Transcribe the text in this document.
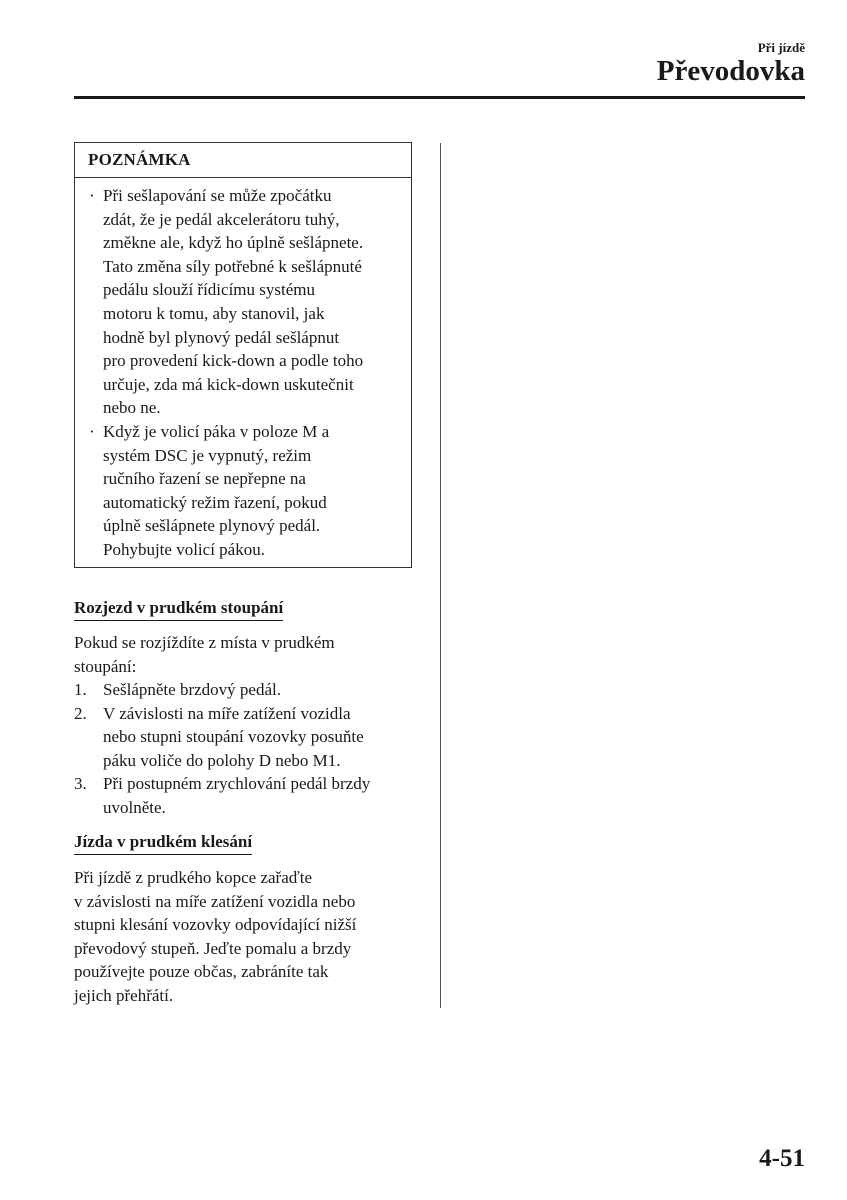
Při jízdě
Převodovka
POZNÁMKA
· Při sešlapování se může zpočátku
zdát, že je pedál akcelerátoru tuhý,
změkne ale, když ho úplně sešlápnete.
Tato změna síly potřebné k sešlápnuté
pedálu slouží řídicímu systému
motoru k tomu, aby stanovil, jak
hodně byl plynový pedál sešlápnut
pro provedení kick-down a podle toho
určuje, zda má kick-down uskutečnit
nebo ne.
· Když je volicí páka v poloze M a
systém DSC je vypnutý, režim
ručního řazení se nepřepne na
automatický režim řazení, pokud
úplně sešlápnete plynový pedál.
Pohybujte volicí pákou.
Rozjezd v prudkém stoupání
Pokud se rozjíždíte z místa v prudkém
stoupání:
1. Sešlápněte brzdový pedál.
2. V závislosti na míře zatížení vozidla
nebo stupni stoupání vozovky posuňte
páku voliče do polohy D nebo M1.
3. Při postupném zrychlování pedál brzdy
uvolněte.
Jízda v prudkém klesání
Při jízdě z prudkého kopce zařaďte
v závislosti na míře zatížení vozidla nebo
stupni klesání vozovky odpovídající nižší
převodový stupeň. Jeďte pomalu a brzdy
používejte pouze občas, zabráníte tak
jejich přehřátí.
4-51
